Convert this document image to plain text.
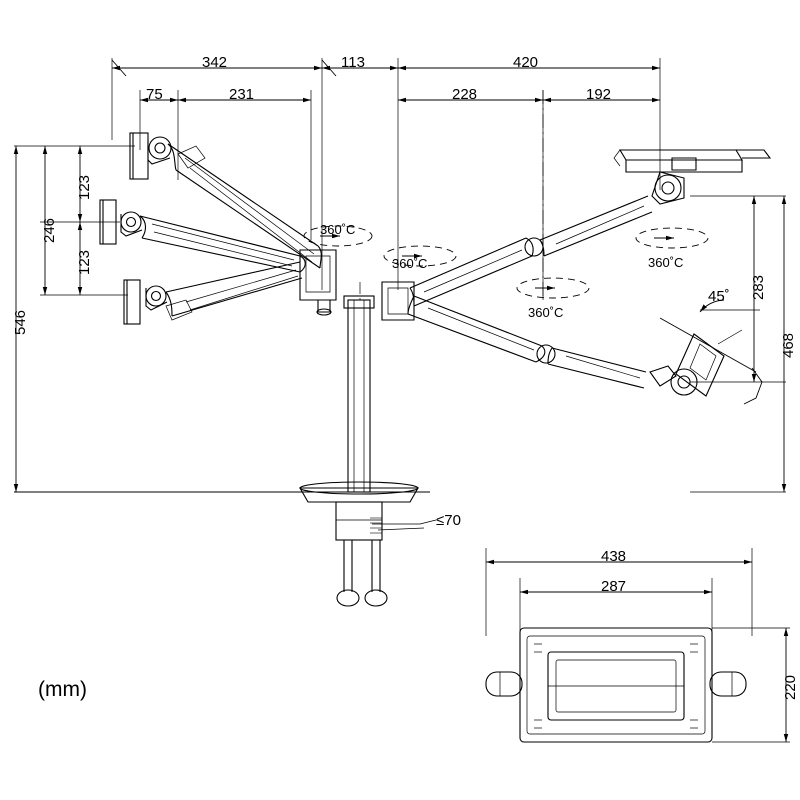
342	113	420
75	231	228	192
123
246
123
546
283
468
438
287
220
360˚C
360˚C
360˚C
360˚C
45˚
≤70
(mm)
